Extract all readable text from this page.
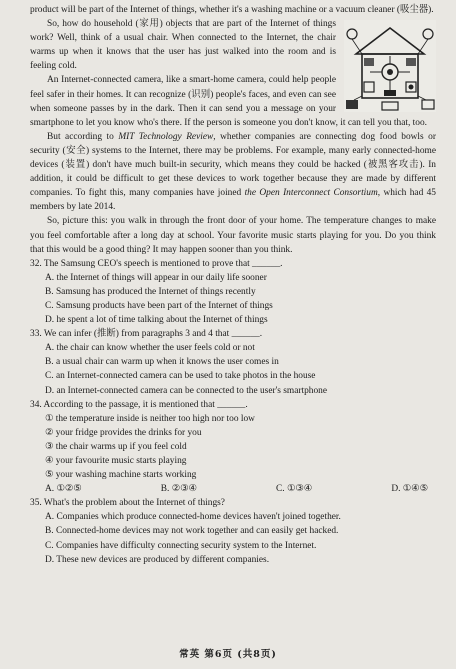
product will be part of the Internet of things, whether it's a washing machine or a vacuum cleaner (吸尘器).

So, how do household (家用) objects that are part of the Internet of things work? Well, think of a usual chair. When connected to the Internet, the chair warms up when it knows that the user has just walked into the room and is feeling cold.

An Internet-connected camera, like a smart-home camera, could help people feel safer in their homes. It can recognize (识别) people's faces, and even can see when someone passes by in the dark. Then it can send you a message on your smartphone to let you know who's there. If the person is someone you don't know, it can tell you that, too.

But according to MIT Technology Review, whether companies are connecting dog food bowls or security (安全) systems to the Internet, there may be problems. For example, many early connected-home devices (装置) don't have much built-in security, which means they could be hacked (被黑客攻击). In addition, it could be difficult to get these devices to work together because they are made by different companies. To fight this, many companies have joined the Open Interconnect Consortium, which had 45 members by late 2014.

So, picture this: you walk in through the front door of your home. The temperature changes to make you feel comfortable after a long day at school. Your favorite music starts playing for you. Do you think that this would be a good thing? It may happen sooner than you think.

32. The Samsung CEO's speech is mentioned to prove that ______.

A. the Internet of things will appear in our daily life sooner

B. Samsung has produced the Internet of things recently

C. Samsung products have been part of the Internet of things

D. he spent a lot of time talking about the Internet of things

33. We can infer (推断) from paragraphs 3 and 4 that ______.

A. the chair can know whether the user feels cold or not

B. a usual chair can warm up when it knows the user comes in

C. an Internet-connected camera can be used to take photos in the house

D. an Internet-connected camera can be connected to the user's smartphone

34. According to the passage, it is mentioned that ______.

① the temperature inside is neither too high nor too low

② your fridge provides the drinks for you

③ the chair warms up if you feel cold

④ your favourite music starts playing

⑤ your washing machine starts working

A. ①②⑤	B. ②③④	C. ①③④	D. ①④⑤

35. What's the problem about the Internet of things?

A. Companies which produce connected-home devices haven't joined together.

B. Connected-home devices may not work together and can easily get hacked.

C. Companies have difficulty connecting security system to the Internet.

D. These new devices are produced by different companies.

常英 第6页 (共8页)
